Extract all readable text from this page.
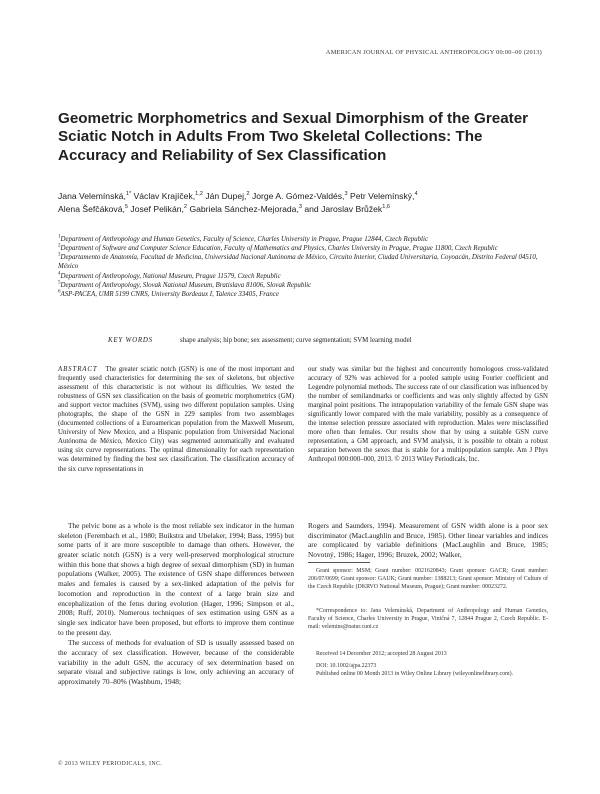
AMERICAN JOURNAL OF PHYSICAL ANTHROPOLOGY 00:00–00 (2013)
Geometric Morphometrics and Sexual Dimorphism of the Greater Sciatic Notch in Adults From Two Skeletal Collections: The Accuracy and Reliability of Sex Classification
Jana Velemínská,$^{1*}$ Václav Krajíček,$^{1,2}$ Ján Dupej,$^2$ Jorge A. Gómez-Valdés,$^3$ Petr Velemínský,$^4$
Alena Šefčáková,$^5$ Josef Pelikán,$^2$ Gabriela Sánchez-Mejorada,$^3$ and Jaroslav Brůžek$^{1,6}$
$^1$Department of Anthropology and Human Genetics, Faculty of Science, Charles University in Prague, Prague 12844, Czech Republic
$^2$Department of Software and Computer Science Education, Faculty of Mathematics and Physics, Charles University in Prague, Prague 11800, Czech Republic
$^3$Departamento de Anatomía, Facultad de Medicina, Universidad Nacional Autónoma de México, Circuito Interior, Ciudad Universitaria, Coyoacán, Distrito Federal 04510, México
$^4$Department of Anthropology, National Museum, Prague 11579, Czech Republic
$^5$Department of Anthropology, Slovak National Museum, Bratislava 81006, Slovak Republic
$^6$ASP-PACEA, UMR 5199 CNRS, University Bordeaux I, Talence 33405, France
KEY WORDS	shape analysis; hip bone; sex assessment; curve segmentation; SVM learning model
ABSTRACT The greater sciatic notch (GSN) is one of the most important and frequently used characteristics for determining the sex of skeletons, but objective assessment of this characteristic is not without its difficulties. We tested the robustness of GSN sex classification on the basis of geometric morphometrics (GM) and support vector machines (SVM), using two different population samples. Using photographs, the shape of the GSN in 229 samples from two assemblages (documented collections of a Euroamerican population from the Maxwell Museum, University of New Mexico, and a Hispanic population from Universidad Nacional Autónoma de México, Mexico City) was segmented automatically and evaluated using six curve representations. The optimal dimensionality for each representation was determined by finding the best sex classification. The classification accuracy of the six curve representations in
our study was similar but the highest and concurrently homologous cross-validated accuracy of 92% was achieved for a pooled sample using Fourier coefficient and Legendre polynomial methods. The success rate of our classification was influenced by the number of semilandmarks or coefficients and was only slightly affected by GSN marginal point positions. The intrapopulation variability of the female GSN shape was significantly lower compared with the male variability, possibly as a consequence of the intense selection pressure associated with reproduction. Males were misclassified more often than females. Our results show that by using a suitable GSN curve representation, a GM approach, and SVM analysis, it is possible to obtain a robust separation between the sexes that is stable for a multipopulation sample. Am J Phys Anthropol 000:000–000, 2013. © 2013 Wiley Periodicals, Inc.

The pelvic bone as a whole is the most reliable sex indicator in the human skeleton (Ferembach et al., 1980; Buikstra and Ubelaker, 1994; Bass, 1995) but some parts of it are more susceptible to damage than others. However, the greater sciatic notch (GSN) is a very well-preserved morphological structure within this bone that shows a high degree of sexual dimorphism (SD) in human populations (Walker, 2005). The existence of GSN shape differences between males and females is caused by a sex-linked adaptation of the pelvis for locomotion and reproduction in the context of a large brain size and encephalization of the fetus during evolution (Hager, 1996; Simpson et al., 2008; Ruff, 2010). Numerous techniques of sex estimation using GSN as a single sex indicator have been proposed, but efforts to improve them continue to the present day.

The success of methods for evaluation of SD is usually assessed based on the accuracy of sex classification. However, because of the considerable variability in the adult GSN, the accuracy of sex determination based on separate visual and subjective ratings is low, only achieving an accuracy of approximately 70–80% (Washburn, 1948;

Rogers and Saunders, 1994). Measurement of GSN width alone is a poor sex discriminator (MacLaughlin and Bruce, 1985). Other linear variables and indices are complicated by variable definitions (MacLaughlin and Bruce, 1985; Novotný, 1986; Hager, 1996; Bruzek, 2002; Walker,

Grant sponsor: MSM; Grant number: 0021620843; Grant sponsor: GACR; Grant number: 206/07/0699; Grant sponsor: GAUK; Grant number: 1388213; Grant sponsor: Ministry of Culture of the Czech Republic (DKRVO National Museum, Prague); Grant number: 00023272.

*Correspondence to: Jana Velemínská, Department of Anthropology and Human Genetics, Faculty of Science, Charles University in Prague, Viničná 7, 12844 Prague 2, Czech Republic. E-mail: velemins@natur.cuni.cz

Received 14 December 2012; accepted 28 August 2013

DOI: 10.1002/ajpa.22373

Published online 00 Month 2013 in Wiley Online Library (wileyonlinelibrary.com).

© 2013 WILEY PERIODICALS, INC.
